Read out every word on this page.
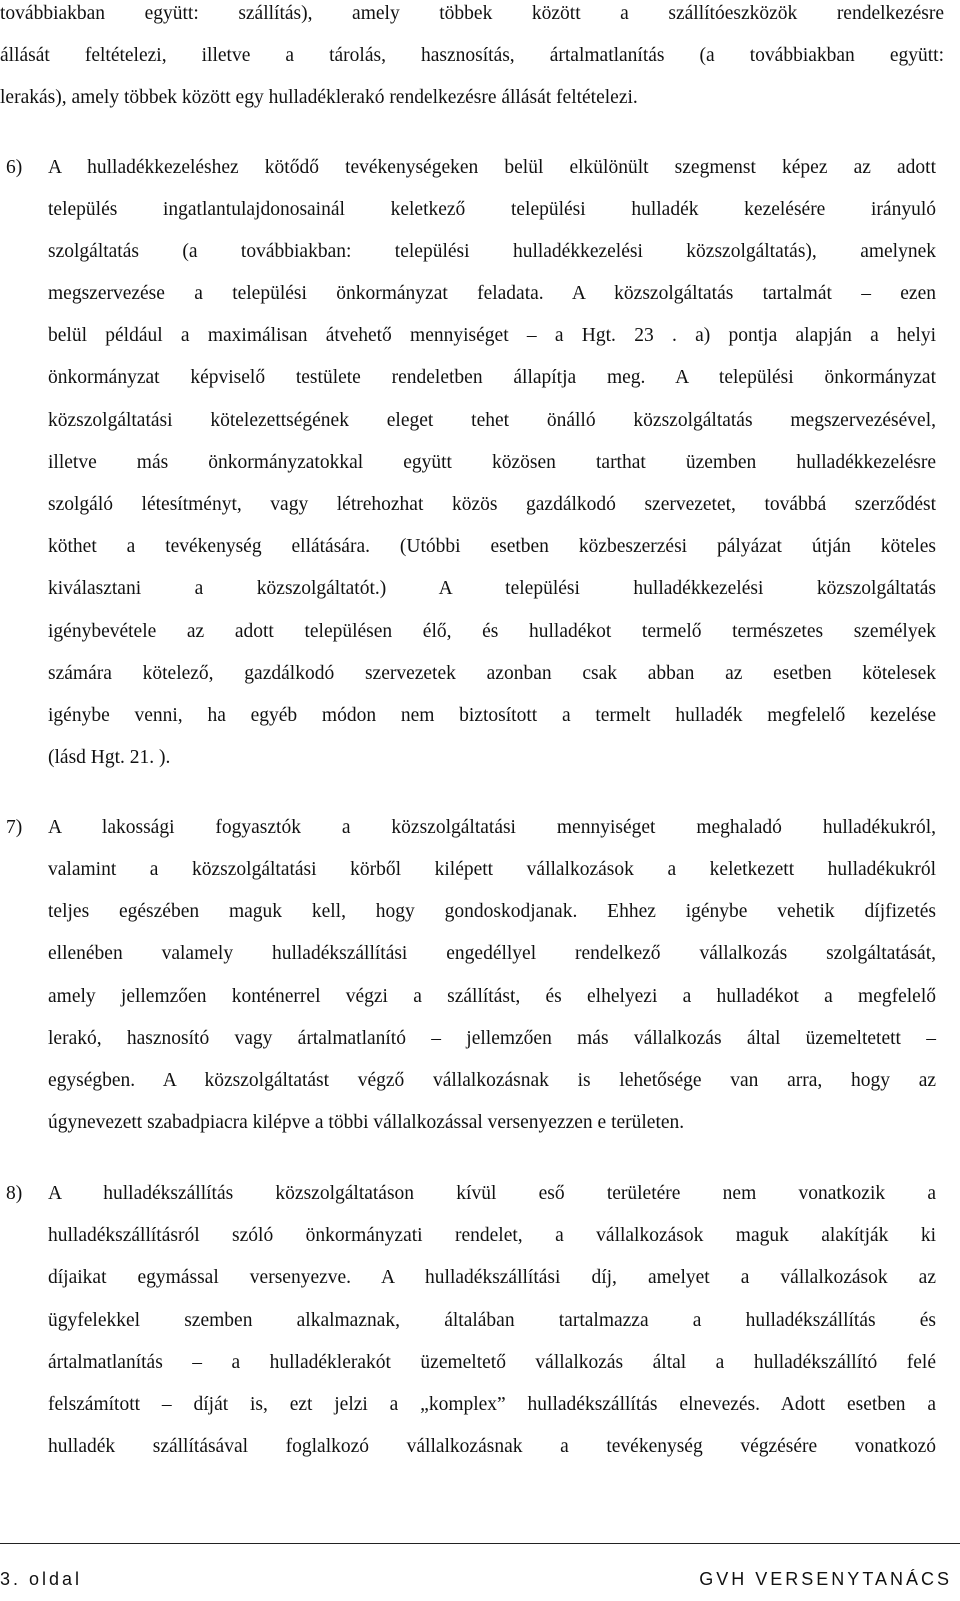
továbbiakban együtt: szállítás), amely többek között a szállítóeszközök rendelkezésre
állását feltételezi, illetve a tárolás, hasznosítás, ártalmatlanítás (a továbbiakban együtt:
lerakás), amely többek között egy hulladéklerakó rendelkezésre állását feltételezi.
6) A hulladékkezeléshez kötődő tevékenységeken belül elkülönült szegmenst képez az adott
település ingatlantulajdonosainál keletkező települési hulladék kezelésére irányuló
szolgáltatás (a továbbiakban: települési hulladékkezelési közszolgáltatás), amelynek
megszervezése a települési önkormányzat feladata. A közszolgáltatás tartalmát – ezen
belül például a maximálisan átvehető mennyiséget – a Hgt. 23 . a) pontja alapján a helyi
önkormányzat képviselő testülete rendeletben állapítja meg. A települési önkormányzat
közszolgáltatási kötelezettségének eleget tehet önálló közszolgáltatás megszervezésével,
illetve más önkormányzatokkal együtt közösen tarthat üzemben hulladékkezelésre
szolgáló létesítményt, vagy létrehozhat közös gazdálkodó szervezetet, továbbá szerződést
köthet a tevékenység ellátására. (Utóbbi esetben közbeszerzési pályázat útján köteles
kiválasztani a közszolgáltatót.) A települési hulladékkezelési közszolgáltatás
igénybevétele az adott településen élő, és hulladékot termelő természetes személyek
számára kötelező, gazdálkodó szervezetek azonban csak abban az esetben kötelesek
igénybe venni, ha egyéb módon nem biztosított a termelt hulladék megfelelő kezelése
(lásd Hgt. 21. ).
7) A lakossági fogyasztók a közszolgáltatási mennyiséget meghaladó hulladékukról,
valamint a közszolgáltatási körből kilépett vállalkozások a keletkezett hulladékukról
teljes egészében maguk kell, hogy gondoskodjanak. Ehhez igénybe vehetik díjfizetés
ellenében valamely hulladékszállítási engedéllyel rendelkező vállalkozás szolgáltatását,
amely jellemzően konténerrel végzi a szállítást, és elhelyezi a hulladékot a megfelelő
lerakó, hasznosító vagy ártalmatlanító – jellemzően más vállalkozás által üzemeltetett –
egységben. A közszolgáltatást végző vállalkozásnak is lehetősége van arra, hogy az
úgynevezett szabadpiacra kilépve a többi vállalkozással versenyezzen e területen.
8) A hulladékszállítás közszolgáltatáson kívül eső területére nem vonatkozik a
hulladékszállításról szóló önkormányzati rendelet, a vállalkozások maguk alakítják ki
díjaikat egymással versenyezve. A hulladékszállítási díj, amelyet a vállalkozások az
ügyfelekkel szemben alkalmaznak, általában tartalmazza a hulladékszállítás és
ártalmatlanítás – a hulladéklerakót üzemeltető vállalkozás által a hulladékszállító felé
felszámított – díját is, ezt jelzi a „komplex” hulladékszállítás elnevezés. Adott esetben a
hulladék szállításával foglalkozó vállalkozásnak a tevékenység végzésére vonatkozó
3. oldal	GVH VERSENYTANÁCS
